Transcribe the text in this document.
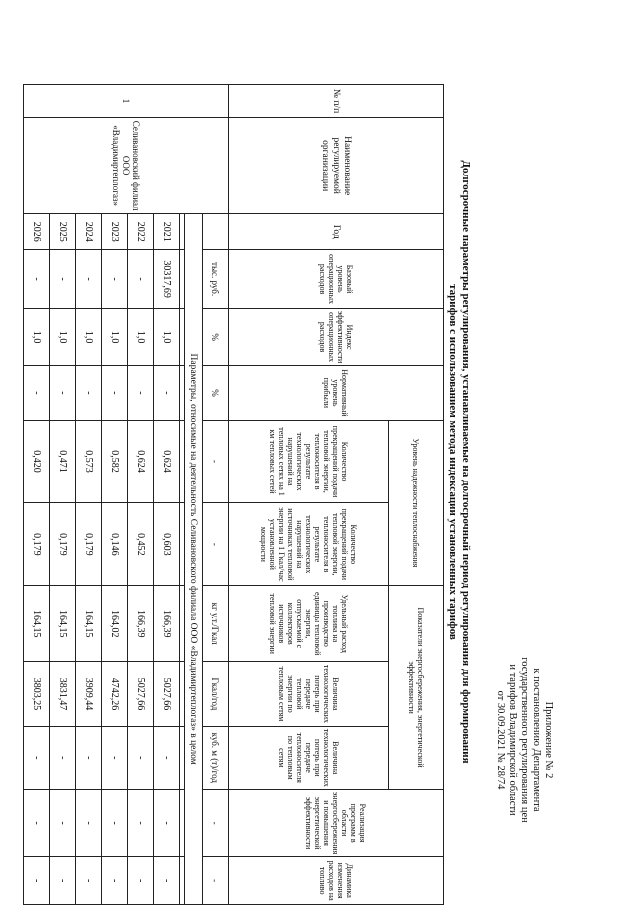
Приложение № 2
к постановлению Департамента
государственного регулирования цен
и тарифов Владимирской области
от 30.09.2021 № 28/74
Долгосрочные параметры регулирования, устанавливаемые на долгосрочный период регулирования для формирования
тарифов с использованием метода индексации установленных тарифов
№ п/п	Наименование регулируемой организации	Год	Базовый уровень операционных расходов	Индекс эффективности операционных расходов	Нормативный уровень прибыли	Уровень надежности теплоснабжения		Показатели энергосбережения, энергетической эффективности			Реализация программ в области энергосбережения и повышения энергетической эффективности	Динамика изменения расходов на топливо
						Количество прекращений подачи тепловой энергии, теплоносителя в результате технологических нарушений на тепловых сетях на 1 км тепловых сетей	Количество прекращений подачи тепловой энергии, теплоносителя в результате технологических нарушений на источниках тепловой энергии на 1 Гкал/час установленной мощности	Удельный расход топлива на производство единицы тепловой энергии, отпускаемой с коллекторов источников тепловой энергии	Величина технологических потерь при передаче тепловой энергии по тепловым сетям	Величина технологических потерь при передаче теплоносителя по тепловым сетям		
1	Селивановский филиал ООО «Владимиртеплогаз»		тыс. руб.	%	%	-	-	кг у.т./Гкал	Гкал/год	куб. м (т)/год	-	-
		Параметры, относимые на деятельность Селивановского филиала ООО «Владимиртеплогаз» в целом										

		2021	30317,69	1,0	-	0,624	0,603	166,39	5027,66	-	-	-
		2022	-	1,0	-	0,624	0,452	166,39	5027,66	-	-	-
		2023	-	1,0	-	0,582	0,146	164,02	4742,26	-	-	-
		2024	-	1,0	-	0,573	0,179	164,15	3909,44	-	-	-
		2025	-	1,0	-	0,471	0,179	164,15	3831,47	-	-	-
		2026	-	1,0	-	0,420	0,179	164,15	3803,25	-	-	-
